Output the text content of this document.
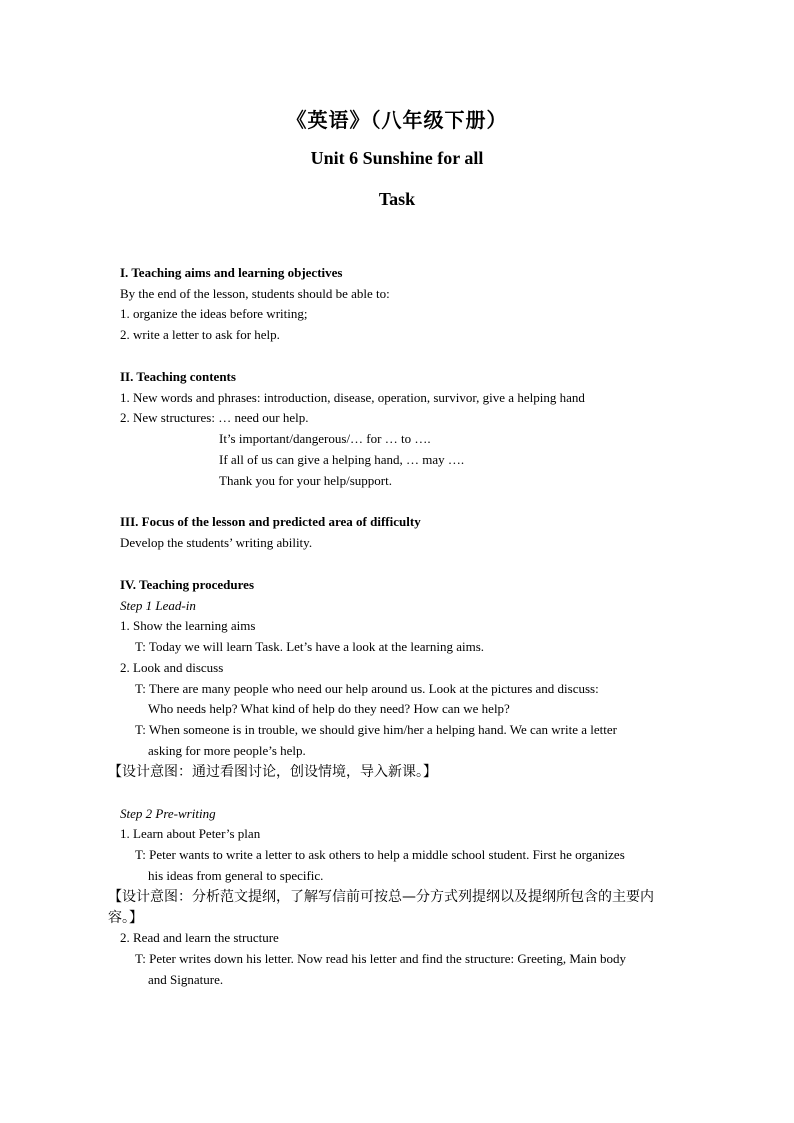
《英语》（八年级下册）
Unit 6 Sunshine for all
Task
I. Teaching aims and learning objectives
By the end of the lesson, students should be able to:
1. organize the ideas before writing;
2. write a letter to ask for help.
II. Teaching contents
1. New words and phrases: introduction, disease, operation, survivor, give a helping hand
2. New structures: … need our help.
It’s important/dangerous/… for … to ….
If all of us can give a helping hand, … may ….
Thank you for your help/support.
III. Focus of the lesson and predicted area of difficulty
Develop the students’ writing ability.
IV. Teaching procedures
Step 1 Lead-in
1. Show the learning aims
T: Today we will learn Task. Let’s have a look at the learning aims.
2. Look and discuss
T: There are many people who need our help around us. Look at the pictures and discuss:
Who needs help? What kind of help do they need? How can we help?
T: When someone is in trouble, we should give him/her a helping hand. We can write a letter
asking for more people’s help.
【设计意图：通过看图讨论，创设情境，导入新课。】
Step 2 Pre-writing
1. Learn about Peter’s plan
T: Peter wants to write a letter to ask others to help a middle school student. First he organizes
his ideas from general to specific.
【设计意图：分析范文提纲，了解写信前可按总—分方式列提纲以及提纲所包含的主要内
容。】
2. Read and learn the structure
T: Peter writes down his letter. Now read his letter and find the structure: Greeting, Main body
and Signature.
